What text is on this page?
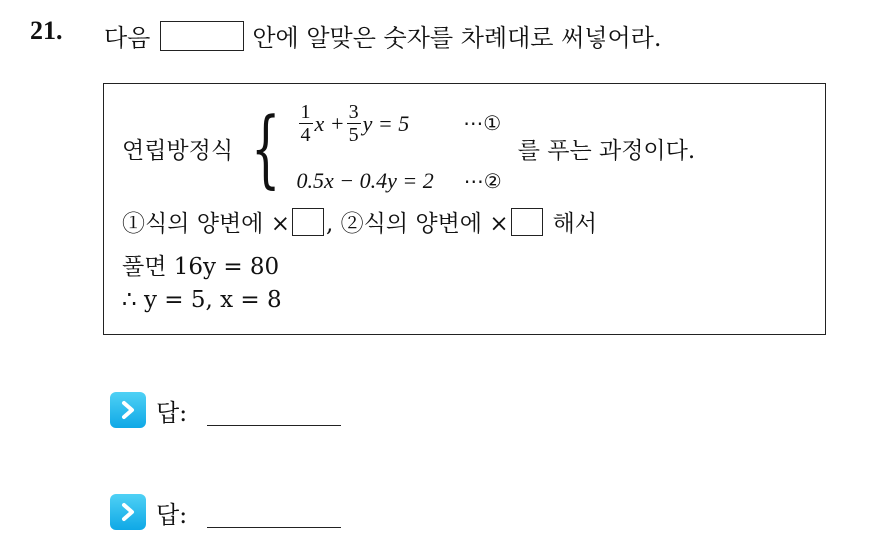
21. 다음	안에 알맞은 숫자를 차례대로 써넣어라.
연립방정식 { $\frac{1}{4}$ $x + \frac{3}{5}$ y = 5	⋯①
0.5x − 0.4y = 2 ⋯②
를 푸는 과정이다.
①식의 양변에 × , ②식의 양변에 × 해서
풀면 16y = 80
∴ y = 5, x = 8
답:
답:
